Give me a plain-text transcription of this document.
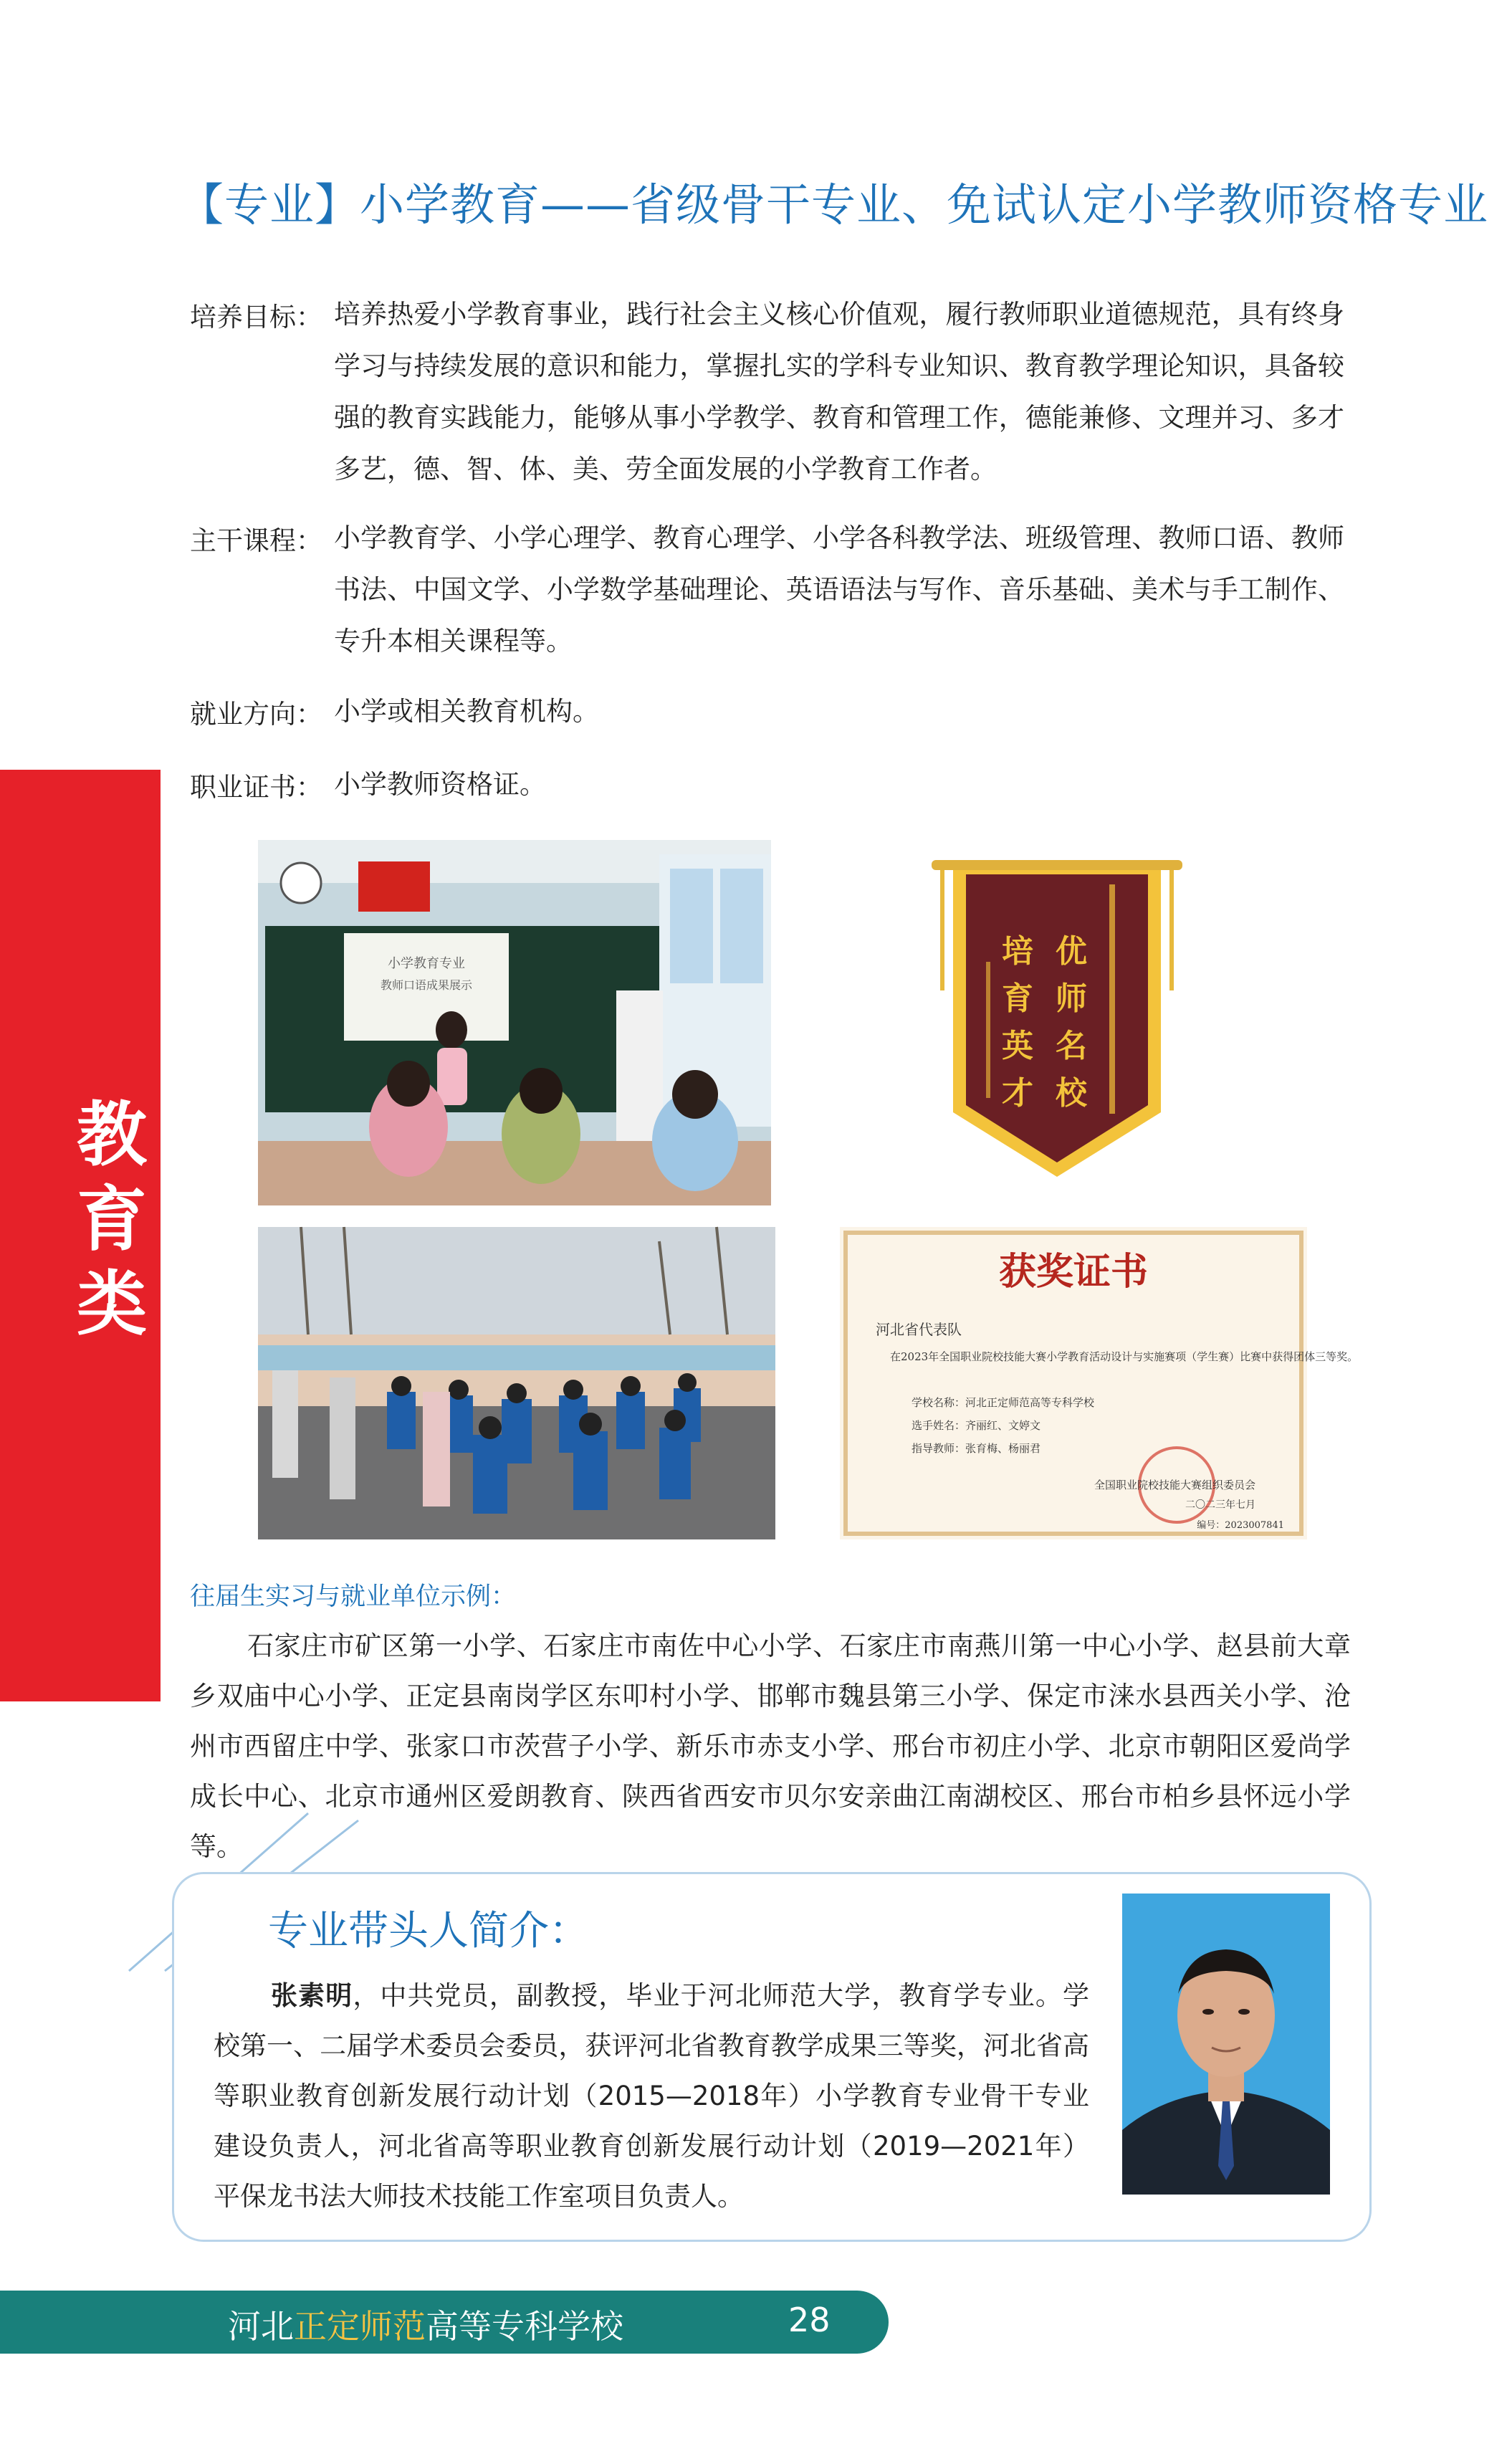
【专业】小学教育——省级骨干专业、免试认定小学教师资格专业
培养目标： 培养热爱小学教育事业，践行社会主义核心价值观，履行教师职业道德规范，具有终身学习与持续发展的意识和能力，掌握扎实的学科专业知识、教育教学理论知识，具备较强的教育实践能力，能够从事小学教学、教育和管理工作，德能兼修、文理并习、多才多艺，德、智、体、美、劳全面发展的小学教育工作者。
主干课程： 小学教育学、小学心理学、教育心理学、小学各科教学法、班级管理、教师口语、教师书法、中国文学、小学数学基础理论、英语语法与写作、音乐基础、美术与手工制作、专升本相关课程等。
就业方向： 小学或相关教育机构。
职业证书： 小学教师资格证。
教
育
类
小学教育专业
教师口语成果展示
培育英才
优师名校
获奖证书
河北省代表队
在2023年全国职业院校技能大赛小学教育活动设计与实施赛项（学生赛）比赛中获得团体三等奖。
学校名称：河北正定师范高等专科学校
选手姓名：齐丽红、文婷文
指导教师：张育梅、杨丽君
全国职业院校技能大赛组织委员会
二〇二三年七月
编号：2023007841
往届生实习与就业单位示例：
石家庄市矿区第一小学、石家庄市南佐中心小学、石家庄市南燕川第一中心小学、赵县前大章乡双庙中心小学、正定县南岗学区东叩村小学、邯郸市魏县第三小学、保定市涞水县西关小学、沧州市西留庄中学、张家口市茨营子小学、新乐市赤支小学、邢台市初庄小学、北京市朝阳区爱尚学成长中心、北京市通州区爱朗教育、陕西省西安市贝尔安亲曲江南湖校区、邢台市柏乡县怀远小学等。
专业带头人简介：
张素明，中共党员，副教授，毕业于河北师范大学，教育学专业。学校第一、二届学术委员会委员，获评河北省教育教学成果三等奖，河北省高等职业教育创新发展行动计划（2015—2018年）小学教育专业骨干专业建设负责人，河北省高等职业教育创新发展行动计划（2019—2021年）平保龙书法大师技术技能工作室项目负责人。
河北正定师范高等专科学校	28
